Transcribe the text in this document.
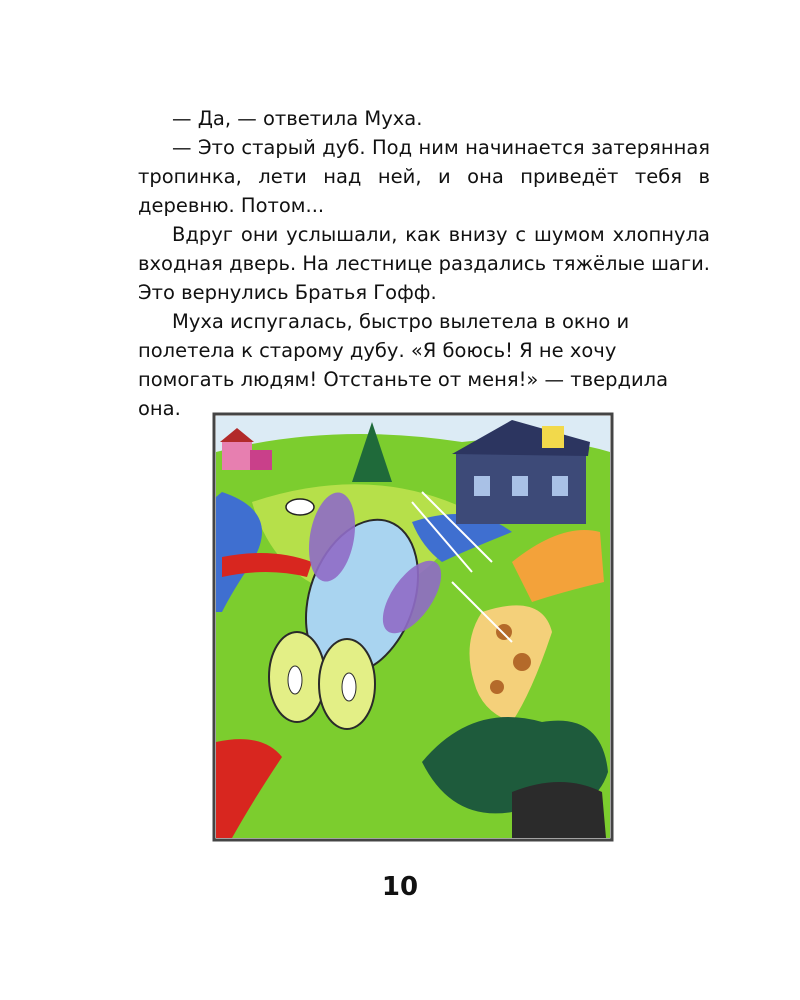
— Да, — ответила Муха.

— Это старый дуб. Под ним начинается затерянная тропинка, лети над ней, и она приведёт тебя в деревню. Потом...

Вдруг они услышали, как внизу с шумом хлопнула входная дверь. На лестнице раздались тяжёлые шаги. Это вернулись Братья Гофф.

Муха испугалась, быстро вылетела в окно и полетела к старому дубу. «Я боюсь! Я не хочу помогать людям! Отстаньте от меня!» — твердила она.

10
